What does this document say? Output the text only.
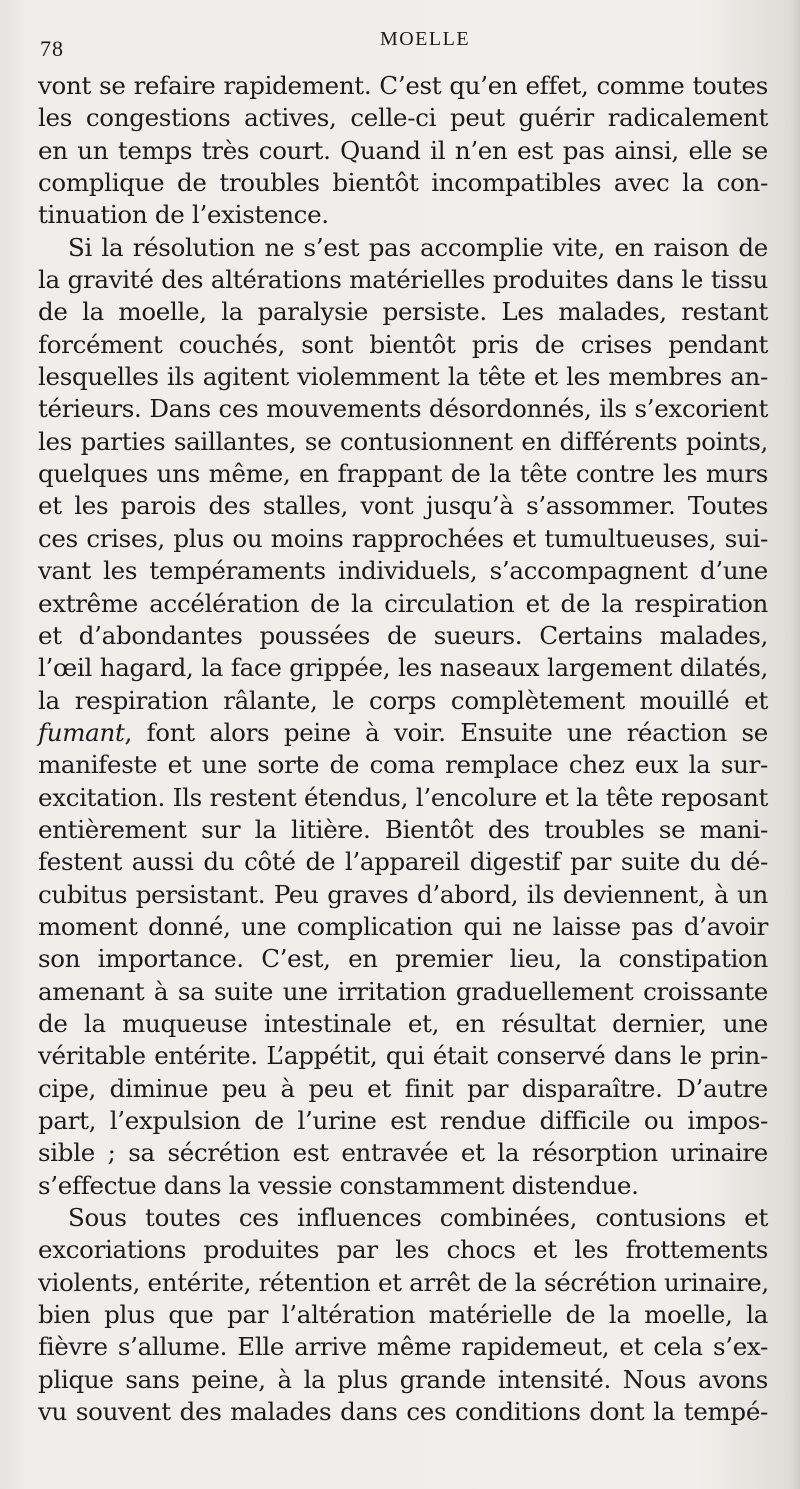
78	MOELLE

vont se refaire rapidement. C’est qu’en effet, comme toutes
les congestions actives, celle-ci peut guérir radicalement
en un temps très court. Quand il n’en est pas ainsi, elle se
complique de troubles bientôt incompatibles avec la con-
tinuation de l’existence.

Si la résolution ne s’est pas accomplie vite, en raison de
la gravité des altérations matérielles produites dans le tissu
de la moelle, la paralysie persiste. Les malades, restant
forcément couchés, sont bientôt pris de crises pendant
lesquelles ils agitent violemment la tête et les membres an-
térieurs. Dans ces mouvements désordonnés, ils s’excorient
les parties saillantes, se contusionnent en différents points,
quelques uns même, en frappant de la tête contre les murs
et les parois des stalles, vont jusqu’à s’assommer. Toutes
ces crises, plus ou moins rapprochées et tumultueuses, sui-
vant les tempéraments individuels, s’accompagnent d’une
extrême accélération de la circulation et de la respiration
et d’abondantes poussées de sueurs. Certains malades,
l’œil hagard, la face grippée, les naseaux largement dilatés,
la respiration râlante, le corps complètement mouillé et
fumant, font alors peine à voir. Ensuite une réaction se
manifeste et une sorte de coma remplace chez eux la sur-
excitation. Ils restent étendus, l’encolure et la tête reposant
entièrement sur la litière. Bientôt des troubles se mani-
festent aussi du côté de l’appareil digestif par suite du dé-
cubitus persistant. Peu graves d’abord, ils deviennent, à un
moment donné, une complication qui ne laisse pas d’avoir
son importance. C’est, en premier lieu, la constipation
amenant à sa suite une irritation graduellement croissante
de la muqueuse intestinale et, en résultat dernier, une
véritable entérite. L’appétit, qui était conservé dans le prin-
cipe, diminue peu à peu et finit par disparaître. D’autre
part, l’expulsion de l’urine est rendue difficile ou impos-
sible ; sa sécrétion est entravée et la résorption urinaire
s’effectue dans la vessie constamment distendue.

Sous toutes ces influences combinées, contusions et
excoriations produites par les chocs et les frottements
violents, entérite, rétention et arrêt de la sécrétion urinaire,
bien plus que par l’altération matérielle de la moelle, la
fièvre s’allume. Elle arrive même rapidemeut, et cela s’ex-
plique sans peine, à la plus grande intensité. Nous avons
vu souvent des malades dans ces conditions dont la tempé-
